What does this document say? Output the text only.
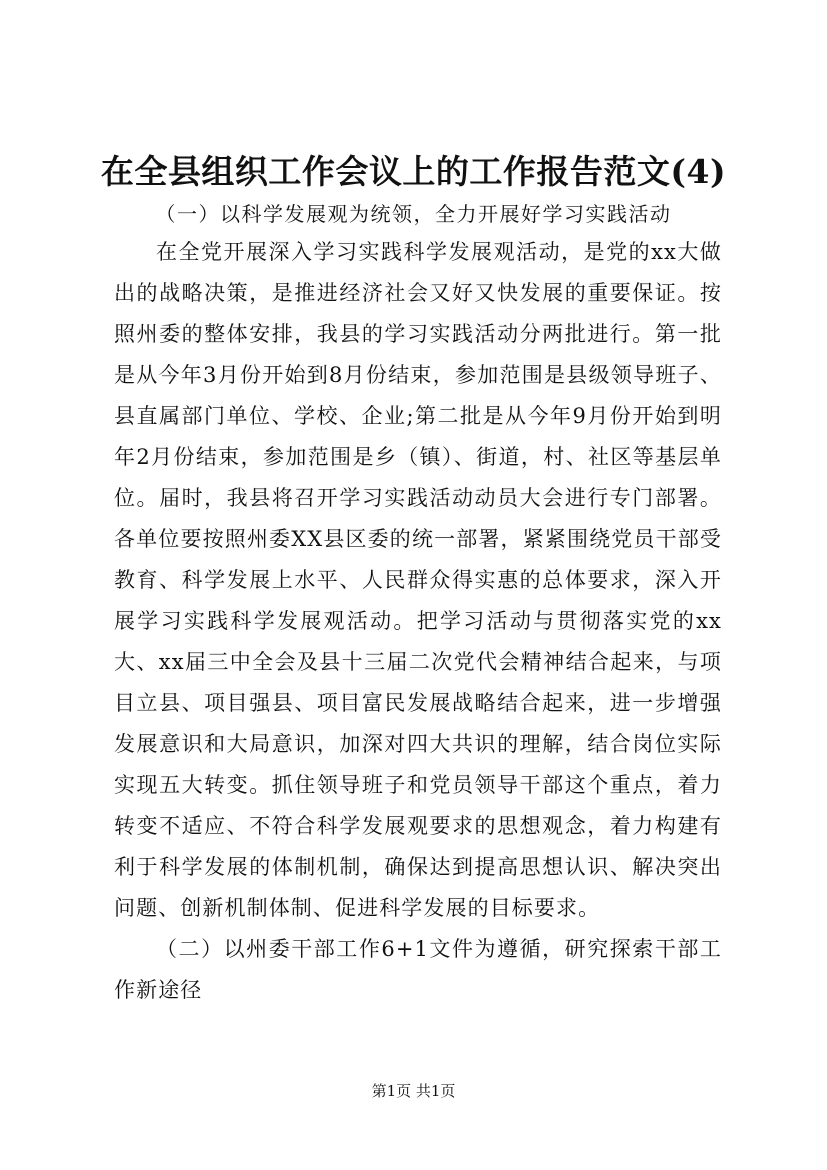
在全县组织工作会议上的工作报告范文(4)
（一）以科学发展观为统领，全力开展好学习实践活动

在全党开展深入学习实践科学发展观活动，是党的xx大做出的战略决策，是推进经济社会又好又快发展的重要保证。按照州委的整体安排，我县的学习实践活动分两批进行。第一批是从今年3月份开始到8月份结束，参加范围是县级领导班子、县直属部门单位、学校、企业;第二批是从今年9月份开始到明年2月份结束，参加范围是乡（镇）、街道，村、社区等基层单位。届时，我县将召开学习实践活动动员大会进行专门部署。各单位要按照州委XX县区委的统一部署，紧紧围绕党员干部受教育、科学发展上水平、人民群众得实惠的总体要求，深入开展学习实践科学发展观活动。把学习活动与贯彻落实党的xx大、xx届三中全会及县十三届二次党代会精神结合起来，与项目立县、项目强县、项目富民发展战略结合起来，进一步增强发展意识和大局意识，加深对四大共识的理解，结合岗位实际实现五大转变。抓住领导班子和党员领导干部这个重点，着力转变不适应、不符合科学发展观要求的思想观念，着力构建有利于科学发展的体制机制，确保达到提高思想认识、解决突出问题、创新机制体制、促进科学发展的目标要求。

（二）以州委干部工作6+1文件为遵循，研究探索干部工作新途径

第1页 共1页
